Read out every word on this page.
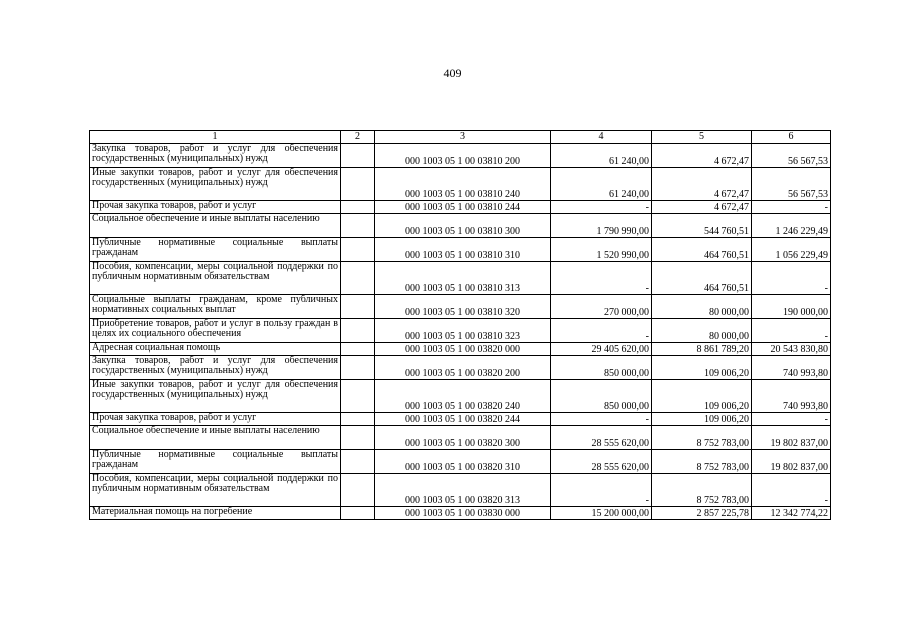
409
1	2	3	4	5	6
Закупка товаров, работ и услуг для обеспечения государственных (муниципальных) нужд		000 1003 05 1 00 03810 200	61 240,00	4 672,47	56 567,53
Иные закупки товаров, работ и услуг для обеспечения государственных (муниципальных) нужд		000 1003 05 1 00 03810 240	61 240,00	4 672,47	56 567,53
Прочая закупка товаров, работ и услуг		000 1003 05 1 00 03810 244	-	4 672,47	-
Социальное обеспечение и иные выплаты населению		000 1003 05 1 00 03810 300	1 790 990,00	544 760,51	1 246 229,49
Публичные нормативные социальные выплаты гражданам		000 1003 05 1 00 03810 310	1 520 990,00	464 760,51	1 056 229,49
Пособия, компенсации, меры социальной поддержки по публичным нормативным обязательствам		000 1003 05 1 00 03810 313	-	464 760,51	-
Социальные выплаты гражданам, кроме публичных нормативных социальных выплат		000 1003 05 1 00 03810 320	270 000,00	80 000,00	190 000,00
Приобретение товаров, работ и услуг в пользу граждан в целях их социального обеспечения		000 1003 05 1 00 03810 323	-	80 000,00	-
Адресная социальная помощь		000 1003 05 1 00 03820 000	29 405 620,00	8 861 789,20	20 543 830,80
Закупка товаров, работ и услуг для обеспечения государственных (муниципальных) нужд		000 1003 05 1 00 03820 200	850 000,00	109 006,20	740 993,80
Иные закупки товаров, работ и услуг для обеспечения государственных (муниципальных) нужд		000 1003 05 1 00 03820 240	850 000,00	109 006,20	740 993,80
Прочая закупка товаров, работ и услуг		000 1003 05 1 00 03820 244	-	109 006,20	-
Социальное обеспечение и иные выплаты населению		000 1003 05 1 00 03820 300	28 555 620,00	8 752 783,00	19 802 837,00
Публичные нормативные социальные выплаты гражданам		000 1003 05 1 00 03820 310	28 555 620,00	8 752 783,00	19 802 837,00
Пособия, компенсации, меры социальной поддержки по публичным нормативным обязательствам		000 1003 05 1 00 03820 313	-	8 752 783,00	-
Материальная помощь на погребение		000 1003 05 1 00 03830 000	15 200 000,00	2 857 225,78	12 342 774,22
